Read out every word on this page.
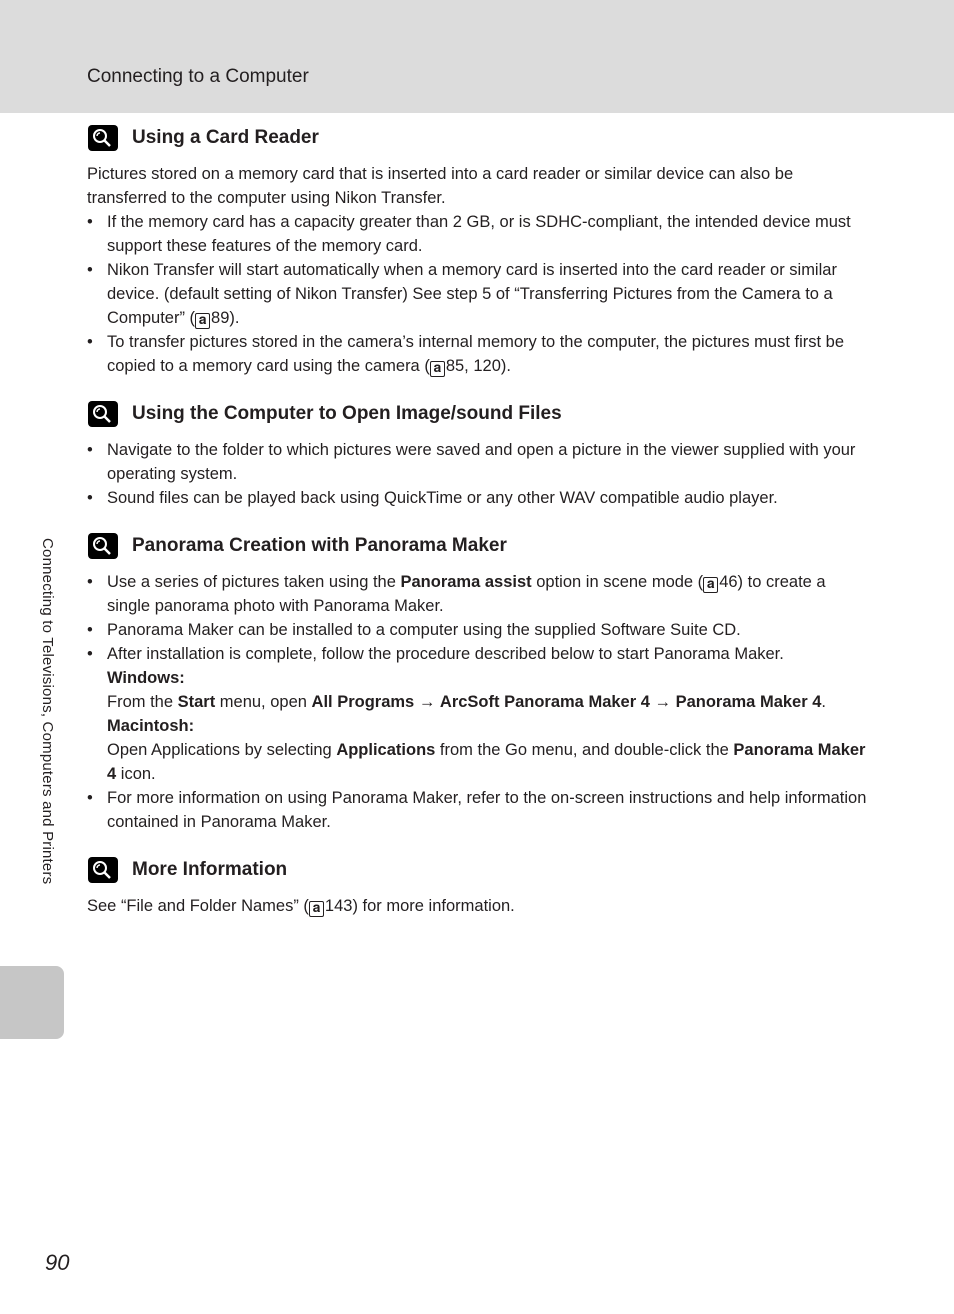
Connecting to a Computer
Connecting to Televisions, Computers and Printers
Using a Card Reader

Pictures stored on a memory card that is inserted into a card reader or similar device can also be transferred to the computer using Nikon Transfer.

• If the memory card has a capacity greater than 2 GB, or is SDHC-compliant, the intended device must support these features of the memory card.
• Nikon Transfer will start automatically when a memory card is inserted into the card reader or similar device. (default setting of Nikon Transfer) See step 5 of “Transferring Pictures from the Camera to a Computer” ( 𝐚 89).
• To transfer pictures stored in the camera’s internal memory to the computer, the pictures must first be copied to a memory card using the camera ( 𝐚 85, 120).
Using the Computer to Open Image/sound Files
• Navigate to the folder to which pictures were saved and open a picture in the viewer supplied with your operating system.
• Sound files can be played back using QuickTime or any other WAV compatible audio player.
Panorama Creation with Panorama Maker
• Use a series of pictures taken using the Panorama assist option in scene mode ( 𝐚 46) to create a single panorama photo with Panorama Maker.
• Panorama Maker can be installed to a computer using the supplied Software Suite CD.
• After installation is complete, follow the procedure described below to start Panorama Maker.
Windows:
From the Start menu, open All Programs → ArcSoft Panorama Maker 4 → Panorama Maker 4.
Macintosh:
Open Applications by selecting Applications from the Go menu, and double-click the Panorama Maker 4 icon.
• For more information on using Panorama Maker, refer to the on-screen instructions and help information contained in Panorama Maker.
More Information

See “File and Folder Names” ( 𝐚 143) for more information.

90
